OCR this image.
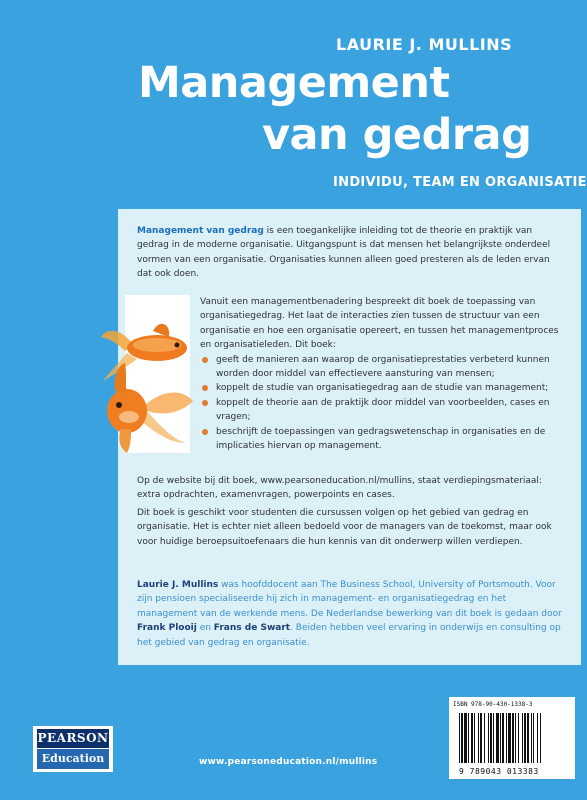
LAURIE J. MULLINS
Management
van gedrag
INDIVIDU, TEAM EN ORGANISATIE
Management van gedrag is een toegankelijke inleiding tot de theorie en praktijk van gedrag in de moderne organisatie. Uitgangspunt is dat mensen het belangrijkste onderdeel vormen van een organisatie. Organisaties kunnen alleen goed presteren als de leden ervan dat ook doen.
Vanuit een managementbenadering bespreekt dit boek de toepassing van organisatiegedrag. Het laat de interacties zien tussen de structuur van een organisatie en hoe een organisatie opereert, en tussen het managementproces en organisatieleden. Dit boek:
geeft de manieren aan waarop de organisatieprestaties verbeterd kunnen worden door middel van effectievere aansturing van mensen;
koppelt de studie van organisatiegedrag aan de studie van management;
koppelt de theorie aan de praktijk door middel van voorbeelden, cases en vragen;
beschrijft de toepassingen van gedragswetenschap in organisaties en de implicaties hiervan op management.
Op de website bij dit boek, www.pearsoneducation.nl/mullins, staat verdiepingsmateriaal: extra opdrachten, examenvragen, powerpoints en cases.
Dit boek is geschikt voor studenten die cursussen volgen op het gebied van gedrag en organisatie. Het is echter niet alleen bedoeld voor de managers van de toekomst, maar ook voor huidige beroepsuitoefenaars die hun kennis van dit onderwerp willen verdiepen.
Laurie J. Mullins was hoofddocent aan The Business School, University of Portsmouth. Voor zijn pensioen specialiseerde hij zich in management- en organisatiegedrag en het management van de werkende mens. De Nederlandse bewerking van dit boek is gedaan door Frank Plooij en Frans de Swart. Beiden hebben veel ervaring in onderwijs en consulting op het gebied van gedrag en organisatie.
ISBN 978-90-430-1338-3
9 789043 013383
PEARSON
Education	www.pearsoneducation.nl/mullins
